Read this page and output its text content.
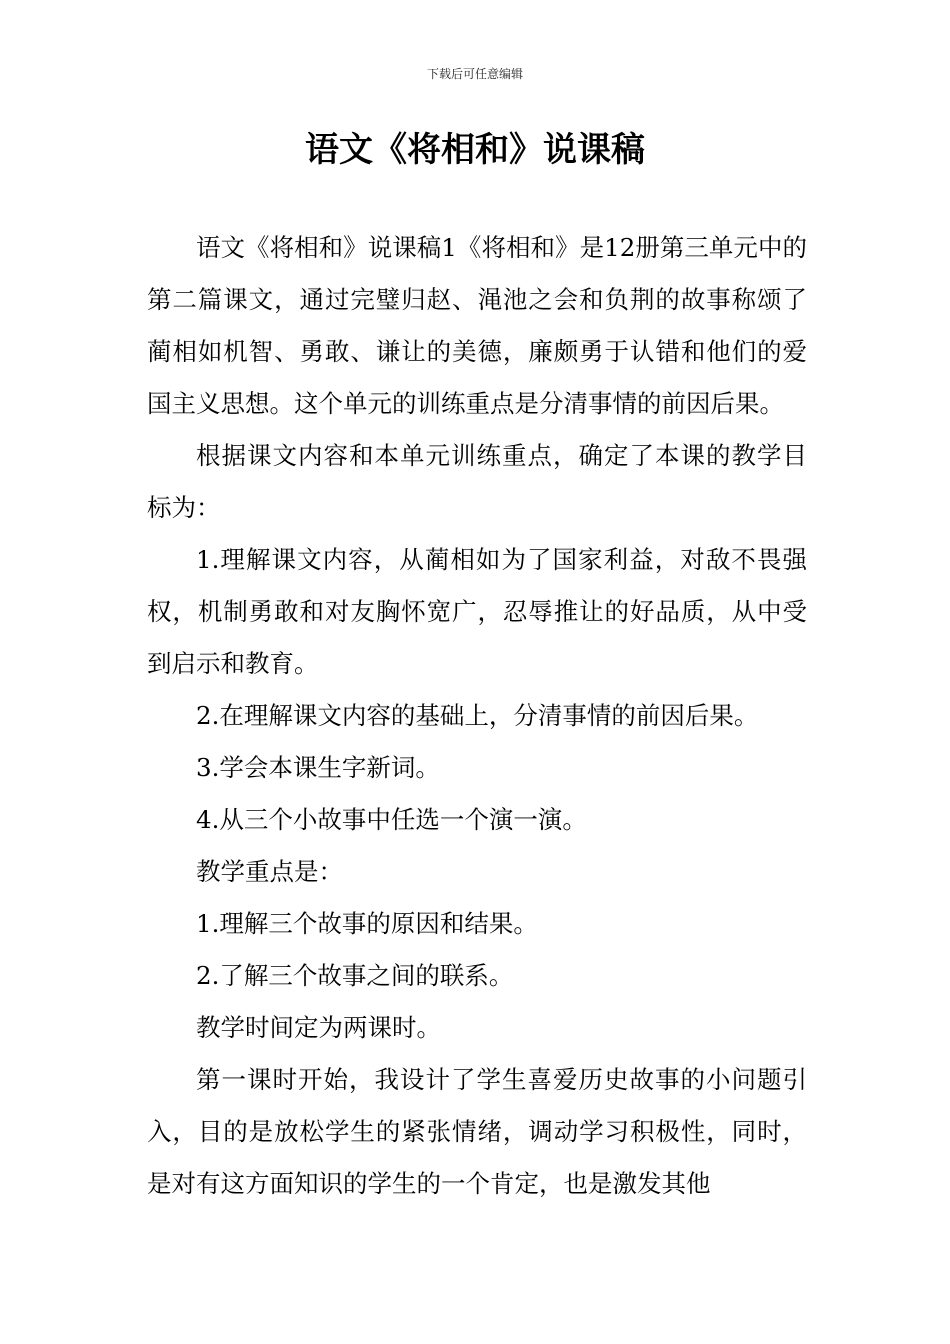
下载后可任意编辑
语文《将相和》说课稿

语文《将相和》说课稿1《将相和》是12册第三单元中的第二篇课文，通过完璧归赵、渑池之会和负荆的故事称颂了蔺相如机智、勇敢、谦让的美德，廉颇勇于认错和他们的爱国主义思想。这个单元的训练重点是分清事情的前因后果。

根据课文内容和本单元训练重点，确定了本课的教学目标为：

1.理解课文内容，从蔺相如为了国家利益，对敌不畏强权，机制勇敢和对友胸怀宽广，忍辱推让的好品质，从中受到启示和教育。

2.在理解课文内容的基础上，分清事情的前因后果。

3.学会本课生字新词。

4.从三个小故事中任选一个演一演。

教学重点是：

1.理解三个故事的原因和结果。

2.了解三个故事之间的联系。

教学时间定为两课时。

第一课时开始，我设计了学生喜爱历史故事的小问题引入，目的是放松学生的紧张情绪，调动学习积极性，同时，是对有这方面知识的学生的一个肯定，也是激发其他
